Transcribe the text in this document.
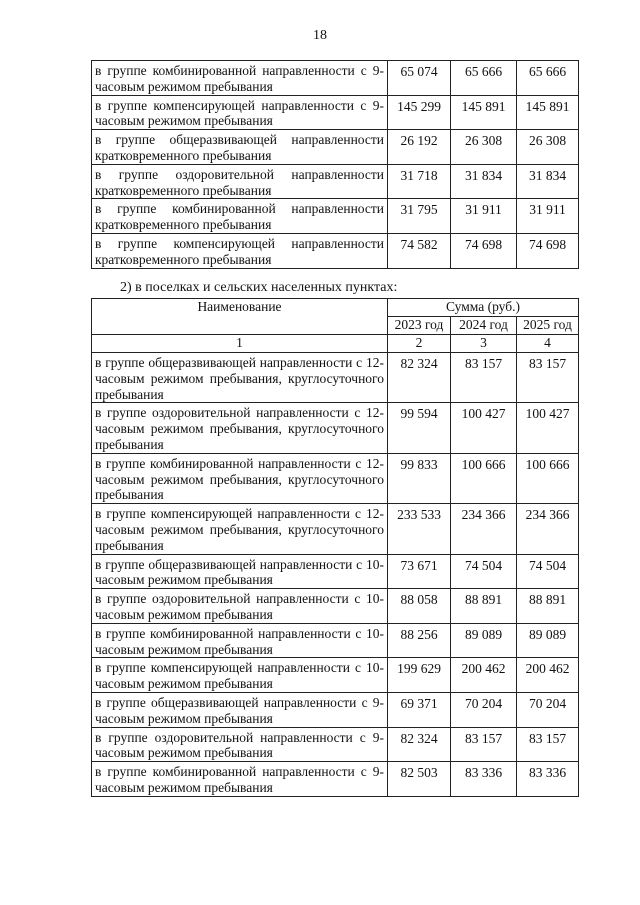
18
в группе комбинированной направленности с 9-часовым режимом пребывания	65 074	65 666	65 666
в группе компенсирующей направленности с 9-часовым режимом пребывания	145 299	145 891	145 891
в группе общеразвивающей направленности кратковременного пребывания	26 192	26 308	26 308
в группе оздоровительной направленности кратковременного пребывания	31 718	31 834	31 834
в группе комбинированной направленности кратковременного пребывания	31 795	31 911	31 911
в группе компенсирующей направленности кратковременного пребывания	74 582	74 698	74 698
2) в поселках и сельских населенных пунктах:
Наименование	Сумма (руб.)		
	2023 год	2024 год	2025 год
1	2	3	4
в группе общеразвивающей направленности с 12-часовым режимом пребывания, круглосуточного пребывания	82 324	83 157	83 157
в группе оздоровительной направленности с 12-часовым режимом пребывания, круглосуточного пребывания	99 594	100 427	100 427
в группе комбинированной направленности с 12-часовым режимом пребывания, круглосуточного пребывания	99 833	100 666	100 666
в группе компенсирующей направленности с 12-часовым режимом пребывания, круглосуточного пребывания	233 533	234 366	234 366
в группе общеразвивающей направленности с 10-часовым режимом пребывания	73 671	74 504	74 504
в группе оздоровительной направленности с 10-часовым режимом пребывания	88 058	88 891	88 891
в группе комбинированной направленности с 10-часовым режимом пребывания	88 256	89 089	89 089
в группе компенсирующей направленности с 10-часовым режимом пребывания	199 629	200 462	200 462
в группе общеразвивающей направленности с 9-часовым режимом пребывания	69 371	70 204	70 204
в группе оздоровительной направленности с 9-часовым режимом пребывания	82 324	83 157	83 157
в группе комбинированной направленности с 9-часовым режимом пребывания	82 503	83 336	83 336
